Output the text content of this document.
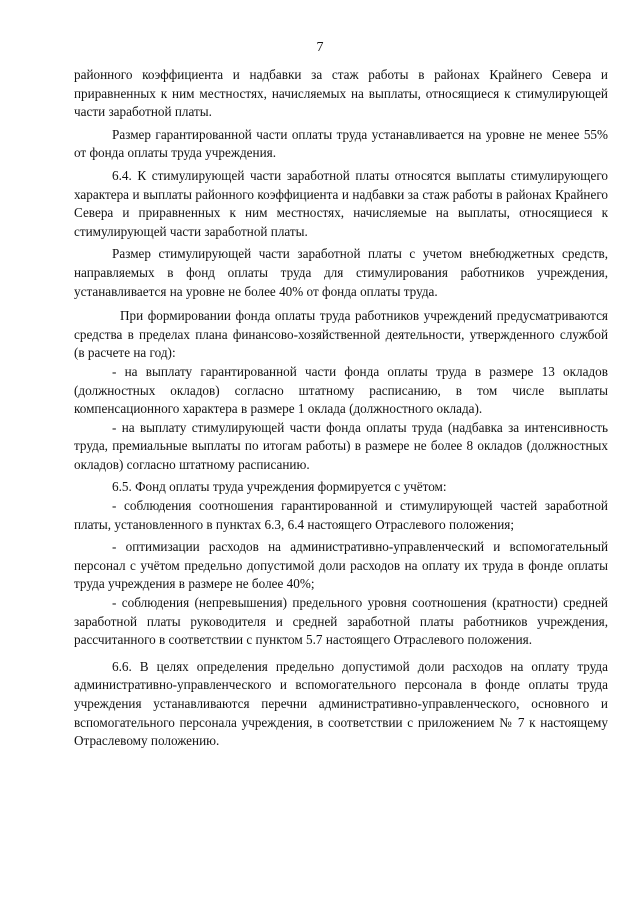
7

районного коэффициента и надбавки за стаж работы в районах Крайнего Севера и приравненных к ним местностях, начисляемых на выплаты, относящиеся к стимулирующей части заработной платы.

Размер гарантированной части оплаты труда устанавливается на уровне не менее 55% от фонда оплаты труда учреждения.

6.4. К стимулирующей части заработной платы относятся выплаты стимулирующего характера и выплаты районного коэффициента и надбавки за стаж работы в районах Крайнего Севера и приравненных к ним местностях, начисляемые на выплаты, относящиеся к стимулирующей части заработной платы.

Размер стимулирующей части заработной платы с учетом внебюджетных средств, направляемых в фонд оплаты труда для стимулирования работников учреждения, устанавливается на уровне не более 40% от фонда оплаты труда.

При формировании фонда оплаты труда работников учреждений предусматриваются средства в пределах плана финансово-хозяйственной деятельности, утвержденного службой (в расчете на год):

- на выплату гарантированной части фонда оплаты труда в размере 13 окладов (должностных окладов) согласно штатному расписанию, в том числе выплаты компенсационного характера в размере 1 оклада (должностного оклада).

- на выплату стимулирующей части фонда оплаты труда (надбавка за интенсивность труда, премиальные выплаты по итогам работы) в размере не более 8 окладов (должностных окладов) согласно штатному расписанию.

6.5. Фонд оплаты труда учреждения формируется с учётом:

- соблюдения соотношения гарантированной и стимулирующей частей заработной платы, установленного в пунктах 6.3, 6.4 настоящего Отраслевого положения;

- оптимизации расходов на административно-управленческий и вспомогательный персонал с учётом предельно допустимой доли расходов на оплату их труда в фонде оплаты труда учреждения в размере не более 40%;

- соблюдения (непревышения) предельного уровня соотношения (кратности) средней заработной платы руководителя и средней заработной платы работников учреждения, рассчитанного в соответствии с пунктом 5.7 настоящего Отраслевого положения.

6.6. В целях определения предельно допустимой доли расходов на оплату труда административно-управленческого и вспомогательного персонала в фонде оплаты труда учреждения устанавливаются перечни административно-управленческого, основного и вспомогательного персонала учреждения, в соответствии с приложением № 7 к настоящему Отраслевому положению.
